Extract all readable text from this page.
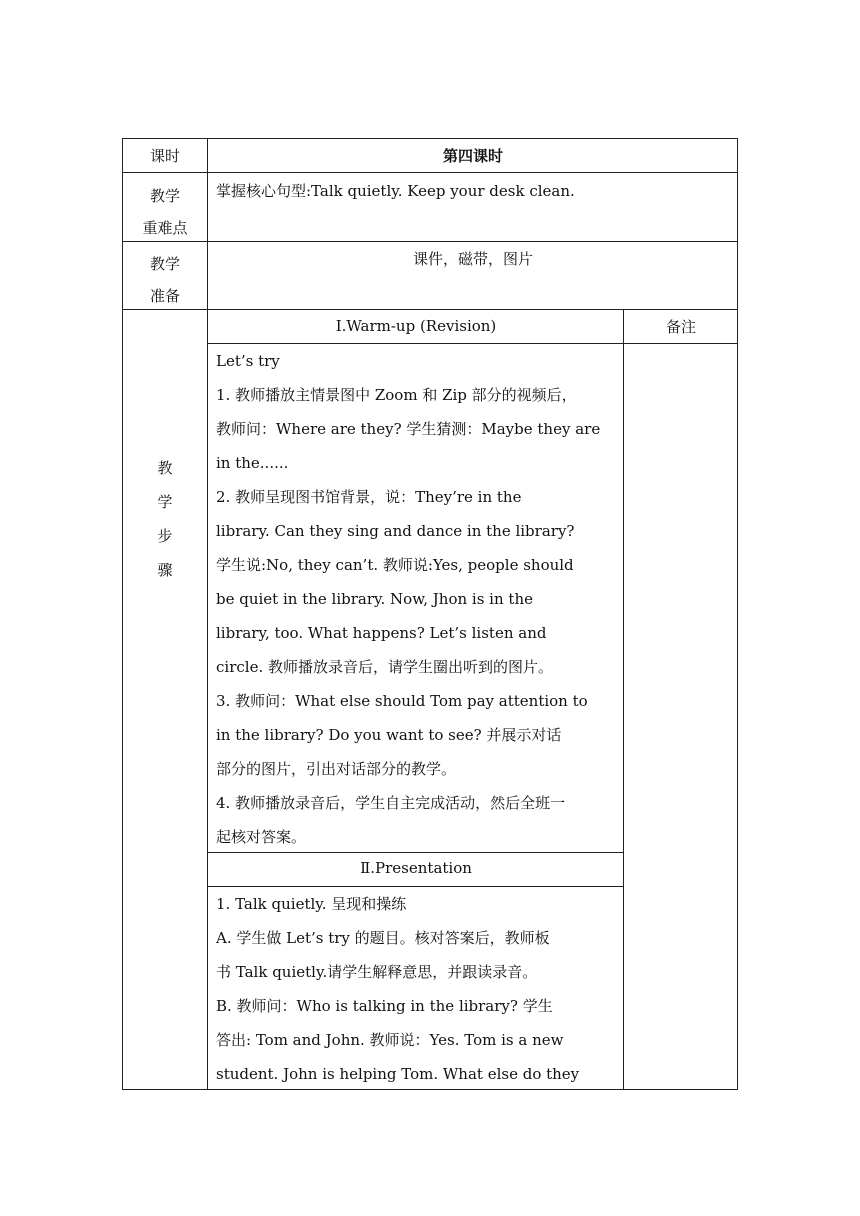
课时	第四课时
教学
重难点
掌握核心句型:Talk quietly. Keep your desk clean.
教学
准备
课件，磁带，图片
教
学
步
骤
备注
Ⅰ.Warm-up (Revision)

Let’s try

1. 教师播放主情景图中 Zoom 和 Zip 部分的视频后，

教师问：Where are they? 学生猜测：Maybe they are

in the......

2. 教师呈现图书馆背景，说：They’re in the

library. Can they sing and dance in the library?

学生说:No, they can’t. 教师说:Yes, people should

be quiet in the library. Now, Jhon is in the

library, too. What happens? Let’s listen and

circle. 教师播放录音后，请学生圈出听到的图片。

3. 教师问：What else should Tom pay attention to

in the library? Do you want to see? 并展示对话

部分的图片，引出对话部分的教学。

4. 教师播放录音后，学生自主完成活动，然后全班一

起核对答案。

Ⅱ.Presentation

1. Talk quietly. 呈现和操练

A. 学生做 Let’s try 的题目。核对答案后，教师板

书 Talk quietly.请学生解释意思，并跟读录音。

B. 教师问：Who is talking in the library? 学生

答出: Tom and John. 教师说：Yes. Tom is a new

student. John is helping Tom. What else do they
